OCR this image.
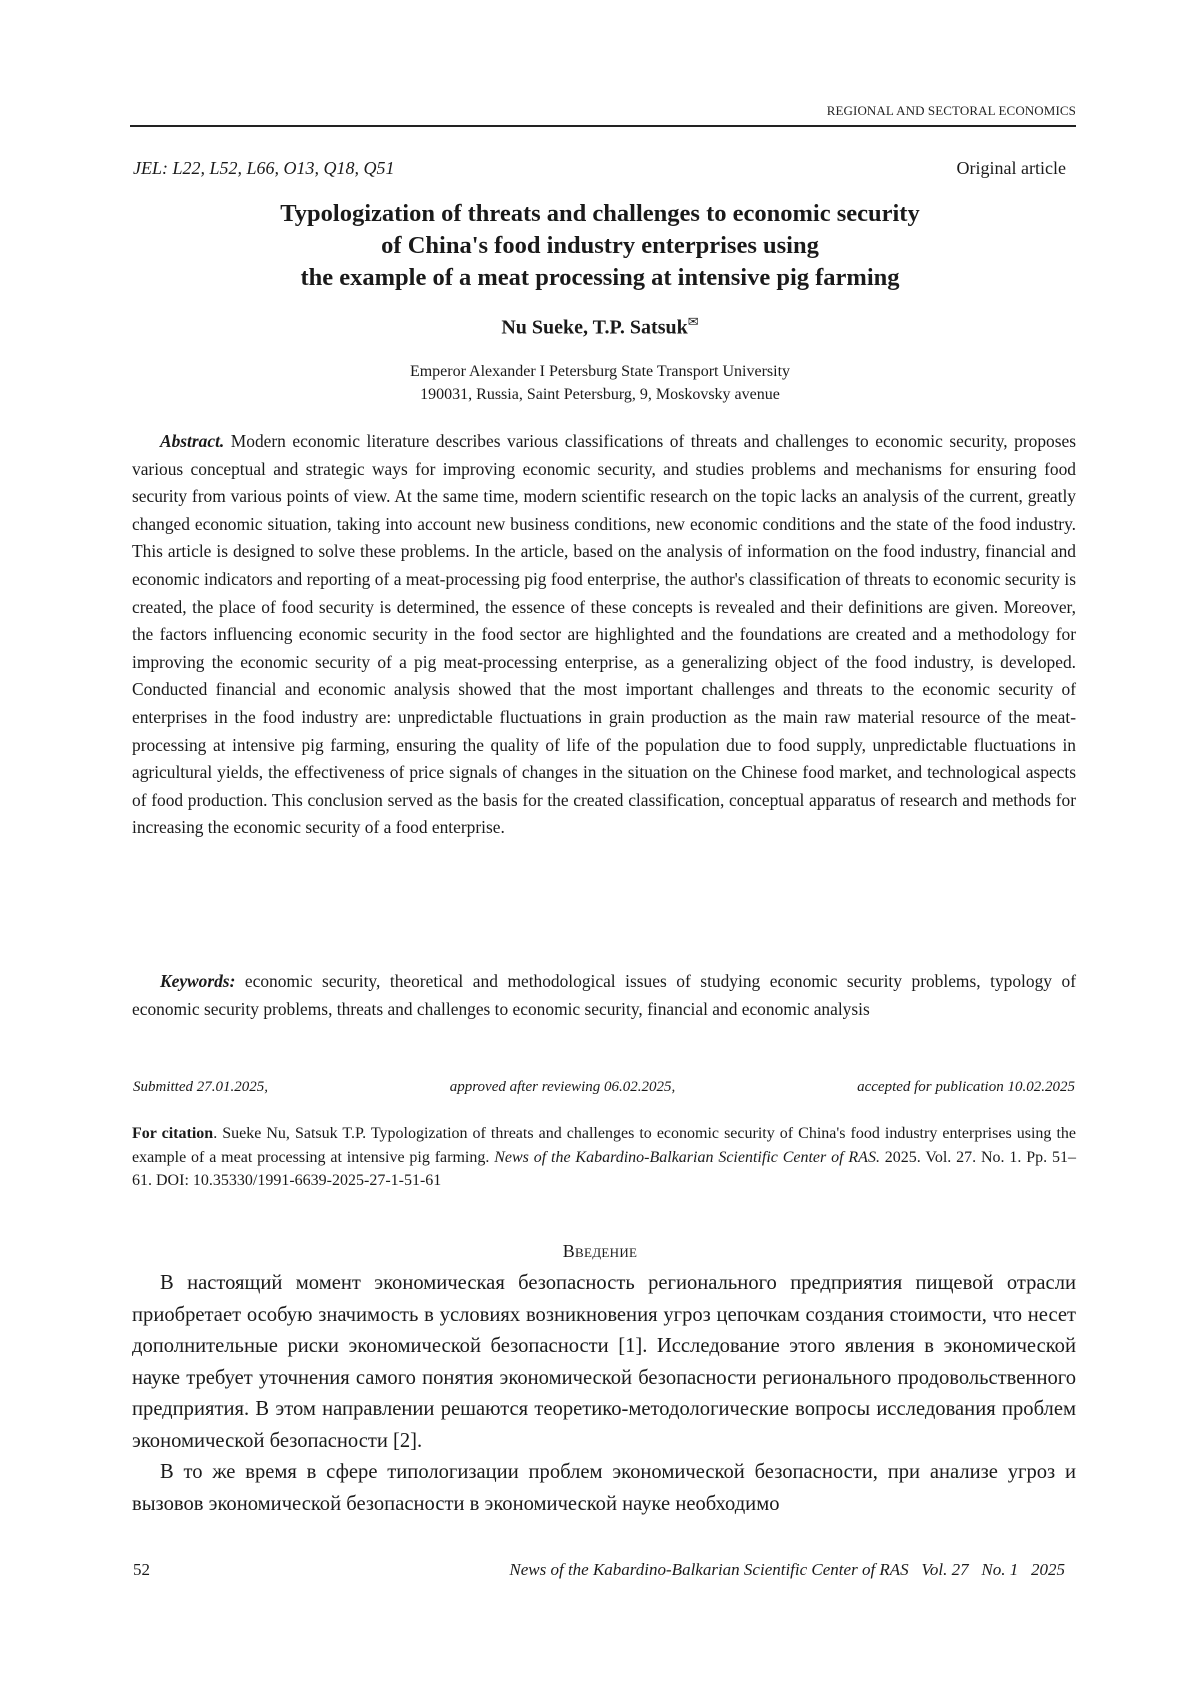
REGIONAL AND SECTORAL ECONOMICS
JEL: L22, L52, L66, O13, Q18, Q51	Original article
Typologization of threats and challenges to economic security
of China's food industry enterprises using
the example of a meat processing at intensive pig farming
Nu Sueke, T.P. Satsuk✉
Emperor Alexander I Petersburg State Transport University
190031, Russia, Saint Petersburg, 9, Moskovsky avenue

Abstract. Modern economic literature describes various classifications of threats and challenges to economic security, proposes various conceptual and strategic ways for improving economic security, and studies problems and mechanisms for ensuring food security from various points of view. At the same time, modern scientific research on the topic lacks an analysis of the current, greatly changed economic situation, taking into account new business conditions, new economic conditions and the state of the food industry. This article is designed to solve these problems. In the article, based on the analysis of information on the food industry, financial and economic indicators and reporting of a meat-processing pig food enterprise, the author's classification of threats to economic security is created, the place of food security is determined, the essence of these concepts is revealed and their definitions are given. Moreover, the factors influencing economic security in the food sector are highlighted and the foundations are created and a methodology for improving the economic security of a pig meat-processing enterprise, as a generalizing object of the food industry, is developed. Conducted financial and economic analysis showed that the most important challenges and threats to the economic security of enterprises in the food industry are: unpredictable fluctuations in grain production as the main raw material resource of the meat-processing at intensive pig farming, ensuring the quality of life of the population due to food supply, unpredictable fluctuations in agricultural yields, the effectiveness of price signals of changes in the situation on the Chinese food market, and technological aspects of food production. This conclusion served as the basis for the created classification, conceptual apparatus of research and methods for increasing the economic security of a food enterprise.

Keywords: economic security, theoretical and methodological issues of studying economic security problems, typology of economic security problems, threats and challenges to economic security, financial and economic analysis

Submitted 27.01.2025,	approved after reviewing 06.02.2025,	accepted for publication 10.02.2025

For citation. Sueke Nu, Satsuk T.P. Typologization of threats and challenges to economic security of China's food industry enterprises using the example of a meat processing at intensive pig farming. News of the Kabardino-Balkarian Scientific Center of RAS. 2025. Vol. 27. No. 1. Pp. 51–61. DOI: 10.35330/1991-6639-2025-27-1-51-61

Введение

В настоящий момент экономическая безопасность регионального предприятия пищевой отрасли приобретает особую значимость в условиях возникновения угроз цепочкам создания стоимости, что несет дополнительные риски экономической безопасности [1]. Исследование этого явления в экономической науке требует уточнения самого понятия экономической безопасности регионального продовольственного предприятия. В этом направлении решаются теоретико-методологические вопросы исследования проблем экономической безопасности [2].

В то же время в сфере типологизации проблем экономической безопасности, при анализе угроз и вызовов экономической безопасности в экономической науке необходимо

52	News of the Kabardino-Balkarian Scientific Center of RAS   Vol. 27   No. 1   2025
